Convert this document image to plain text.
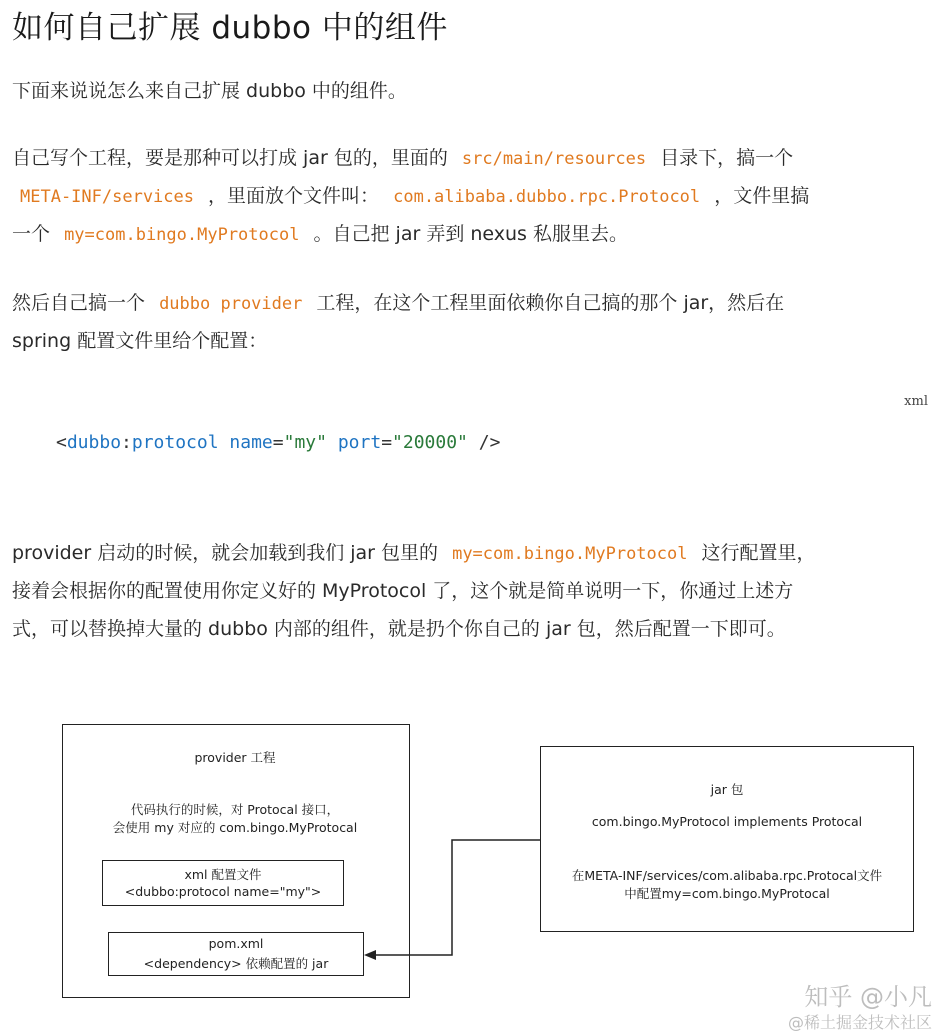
如何自己扩展 dubbo 中的组件
下面来说说怎么来自己扩展 dubbo 中的组件。
自己写个工程，要是那种可以打成 jar 包的，里面的 src/main/resources 目录下，搞一个
META-INF/services ，里面放个文件叫： com.alibaba.dubbo.rpc.Protocol ，文件里搞
一个 my=com.bingo.MyProtocol 。自己把 jar 弄到 nexus 私服里去。
然后自己搞一个 dubbo provider 工程，在这个工程里面依赖你自己搞的那个 jar，然后在
spring 配置文件里给个配置：
xml
<dubbo:protocol name="my" port="20000" />
provider 启动的时候，就会加载到我们 jar 包里的 my=com.bingo.MyProtocol 这行配置里，
接着会根据你的配置使用你定义好的 MyProtocol 了，这个就是简单说明一下，你通过上述方
式，可以替换掉大量的 dubbo 内部的组件，就是扔个你自己的 jar 包，然后配置一下即可。
provider 工程
代码执行的时候，对 Protocal 接口，
会使用 my 对应的 com.bingo.MyProtocal
xml 配置文件
<dubbo:protocol name="my">
pom.xml
<dependency> 依赖配置的 jar
jar 包
com.bingo.MyProtocol implements Protocal
在META-INF/services/com.alibaba.rpc.Protocal文件
中配置my=com.bingo.MyProtocal
知乎 @小凡
@稀土掘金技术社区
